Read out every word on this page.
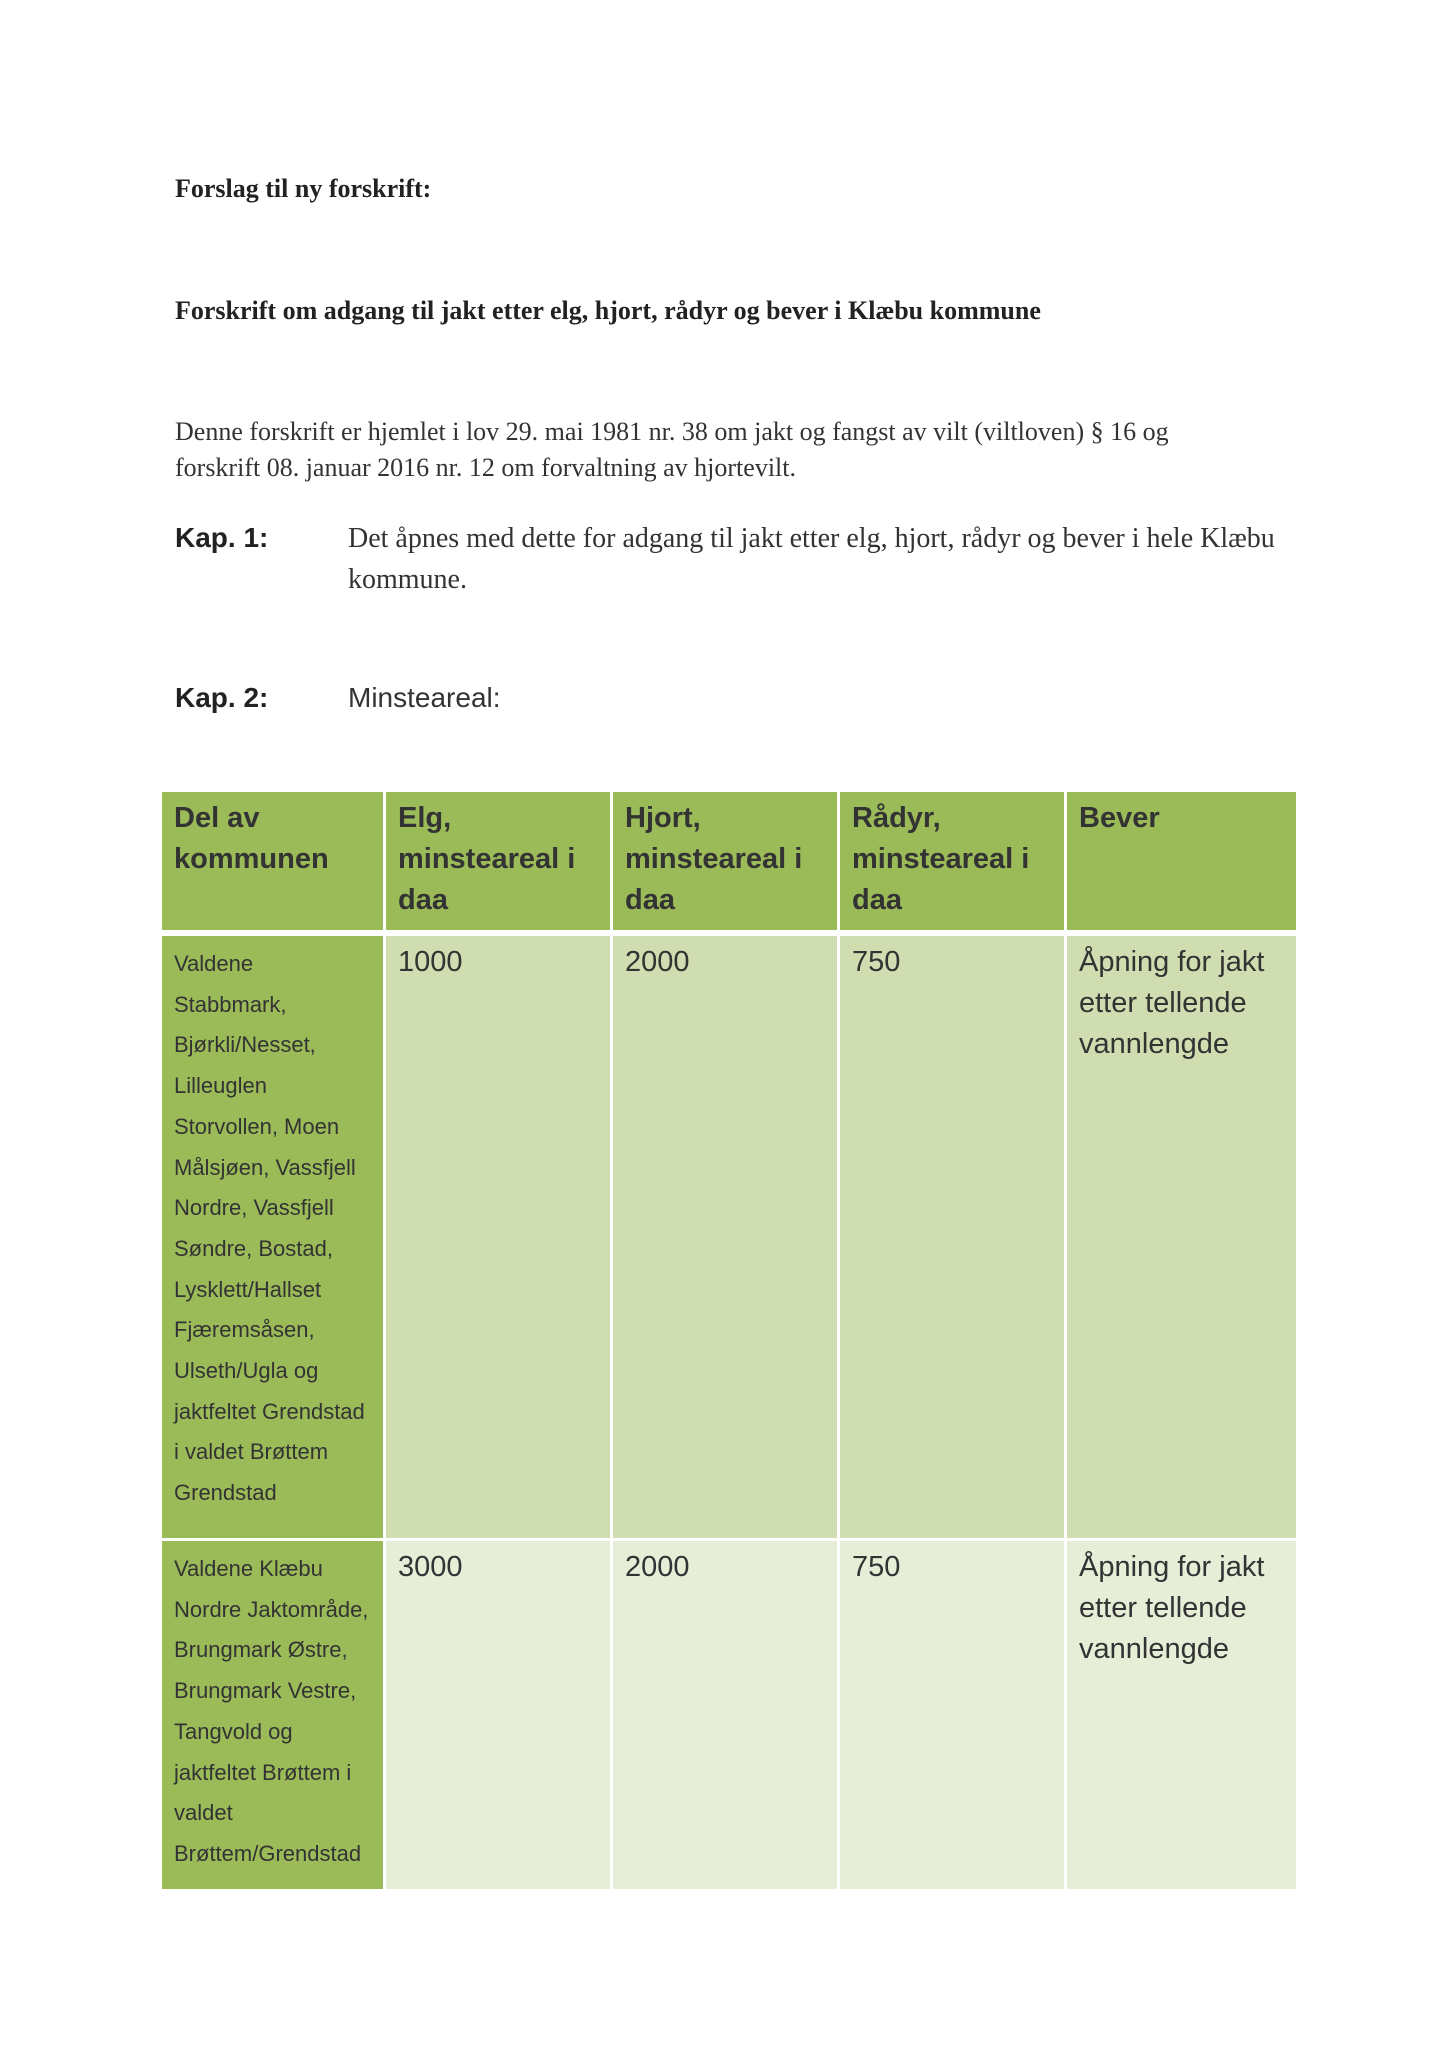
Forslag til ny forskrift:
Forskrift om adgang til jakt etter elg, hjort, rådyr og bever i Klæbu kommune
Denne forskrift er hjemlet i lov 29. mai 1981 nr. 38 om jakt og fangst av vilt (viltloven) § 16 og
forskrift 08. januar 2016 nr. 12 om forvaltning av hjortevilt.
Kap. 1:	Det åpnes med dette for adgang til jakt etter elg, hjort, rådyr og bever i hele Klæbu kommune.
Kap. 2:	Minsteareal:
Del av kommunen	Elg, minsteareal i daa	Hjort, minsteareal i daa	Rådyr, minsteareal i daa	Bever
Valdene Stabbmark, Bjørkli/Nesset, Lilleuglen Storvollen, Moen Målsjøen, Vassfjell Nordre, Vassfjell Søndre, Bostad, Lysklett/Hallset Fjæremsåsen, Ulseth/Ugla og jaktfeltet Grendstad i valdet Brøttem Grendstad	1000	2000	750	Åpning for jakt etter tellende vannlengde
Valdene Klæbu Nordre Jaktområde, Brungmark Østre, Brungmark Vestre, Tangvold og jaktfeltet Brøttem i valdet Brøttem/Grendstad	3000	2000	750	Åpning for jakt etter tellende vannlengde
